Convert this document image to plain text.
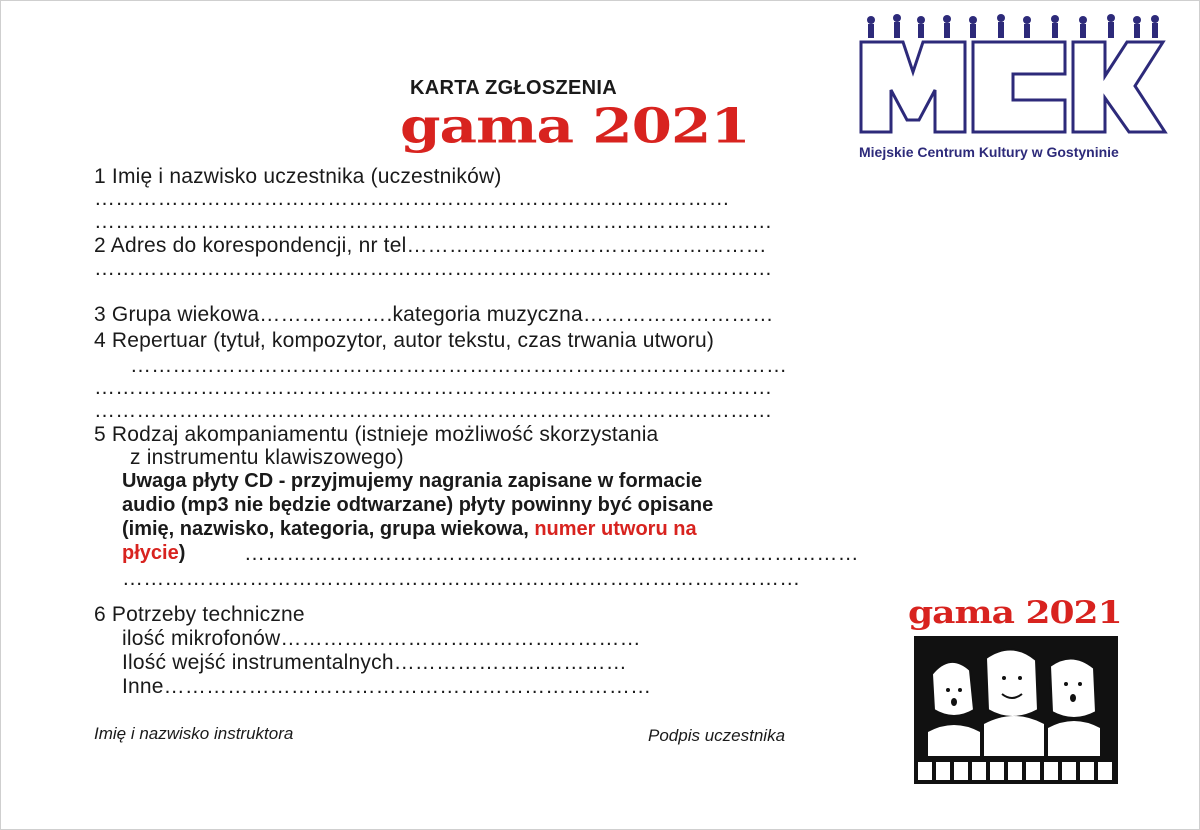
KARTA ZGŁOSZENIA
gama 2021	Miejskie Centrum Kultury w Gostyninie
1 Imię i nazwisko uczestnika (uczestników)
………………………………………………………………………………
……………………………………………………………………………………
2 Adres do korespondencji, nr tel……………………………………………
……………………………………………………………………………………
3 Grupa wiekowa……………….kategoria muzyczna………………………
4 Repertuar (tytuł, kompozytor, autor tekstu, czas trwania utworu)
…………………………………………………………………………………
……………………………………………………………………………………
……………………………………………………………………………………
5 Rodzaj akompaniamentu (istnieje możliwość skorzystania
z instrumentu klawiszowego)
Uwaga płyty CD - przyjmujemy nagrania zapisane w formacie
audio (mp3 nie będzie odtwarzane) płyty powinny być opisane
(imię, nazwisko, kategoria, grupa wiekowa, numer utworu na
płycie)	……………………………………………………………………………
……………………………………………………………………………………
6 Potrzeby techniczne
ilość mikrofonów……………………………………………
Ilość wejść instrumentalnych……………………………
Inne……………………………………………………………
Imię i nazwisko instruktora	Podpis uczestnika
gama 2021
